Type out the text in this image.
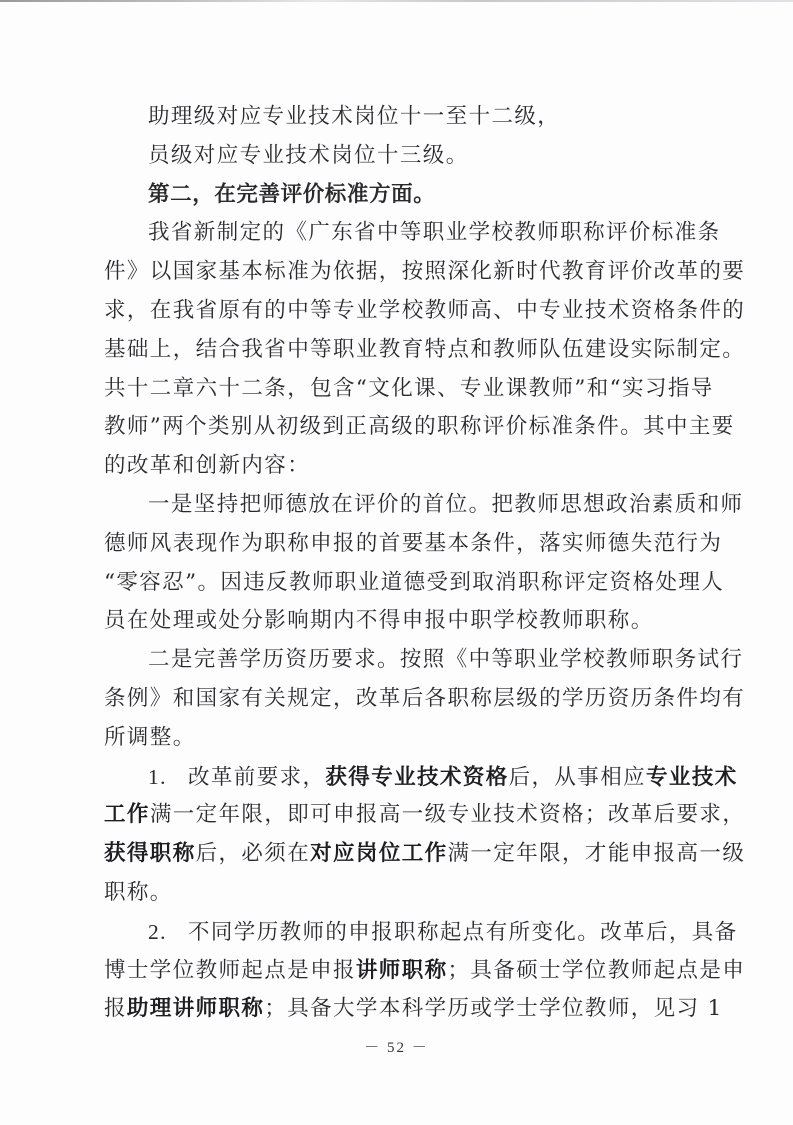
助理级对应专业技术岗位十一至十二级，
员级对应专业技术岗位十三级。
第二，在完善评价标准方面。
我省新制定的《广东省中等职业学校教师职称评价标准条
件》以国家基本标准为依据，按照深化新时代教育评价改革的要
求，在我省原有的中等专业学校教师高、中专业技术资格条件的
基础上，结合我省中等职业教育特点和教师队伍建设实际制定。
共十二章六十二条，包含“文化课、专业课教师”和“实习指导
教师”两个类别从初级到正高级的职称评价标准条件。其中主要
的改革和创新内容：
一是坚持把师德放在评价的首位。把教师思想政治素质和师
德师风表现作为职称申报的首要基本条件，落实师德失范行为
“零容忍”。因违反教师职业道德受到取消职称评定资格处理人
员在处理或处分影响期内不得申报中职学校教师职称。
二是完善学历资历要求。按照《中等职业学校教师职务试行
条例》和国家有关规定，改革后各职称层级的学历资历条件均有
所调整。
1. 改革前要求，获得专业技术资格后，从事相应专业技术
工作满一定年限，即可申报高一级专业技术资格；改革后要求，
获得职称后，必须在对应岗位工作满一定年限，才能申报高一级
职称。
2. 不同学历教师的申报职称起点有所变化。改革后，具备
博士学位教师起点是申报讲师职称；具备硕士学位教师起点是申
报助理讲师职称；具备大学本科学历或学士学位教师，见习 1
－ 52 －
